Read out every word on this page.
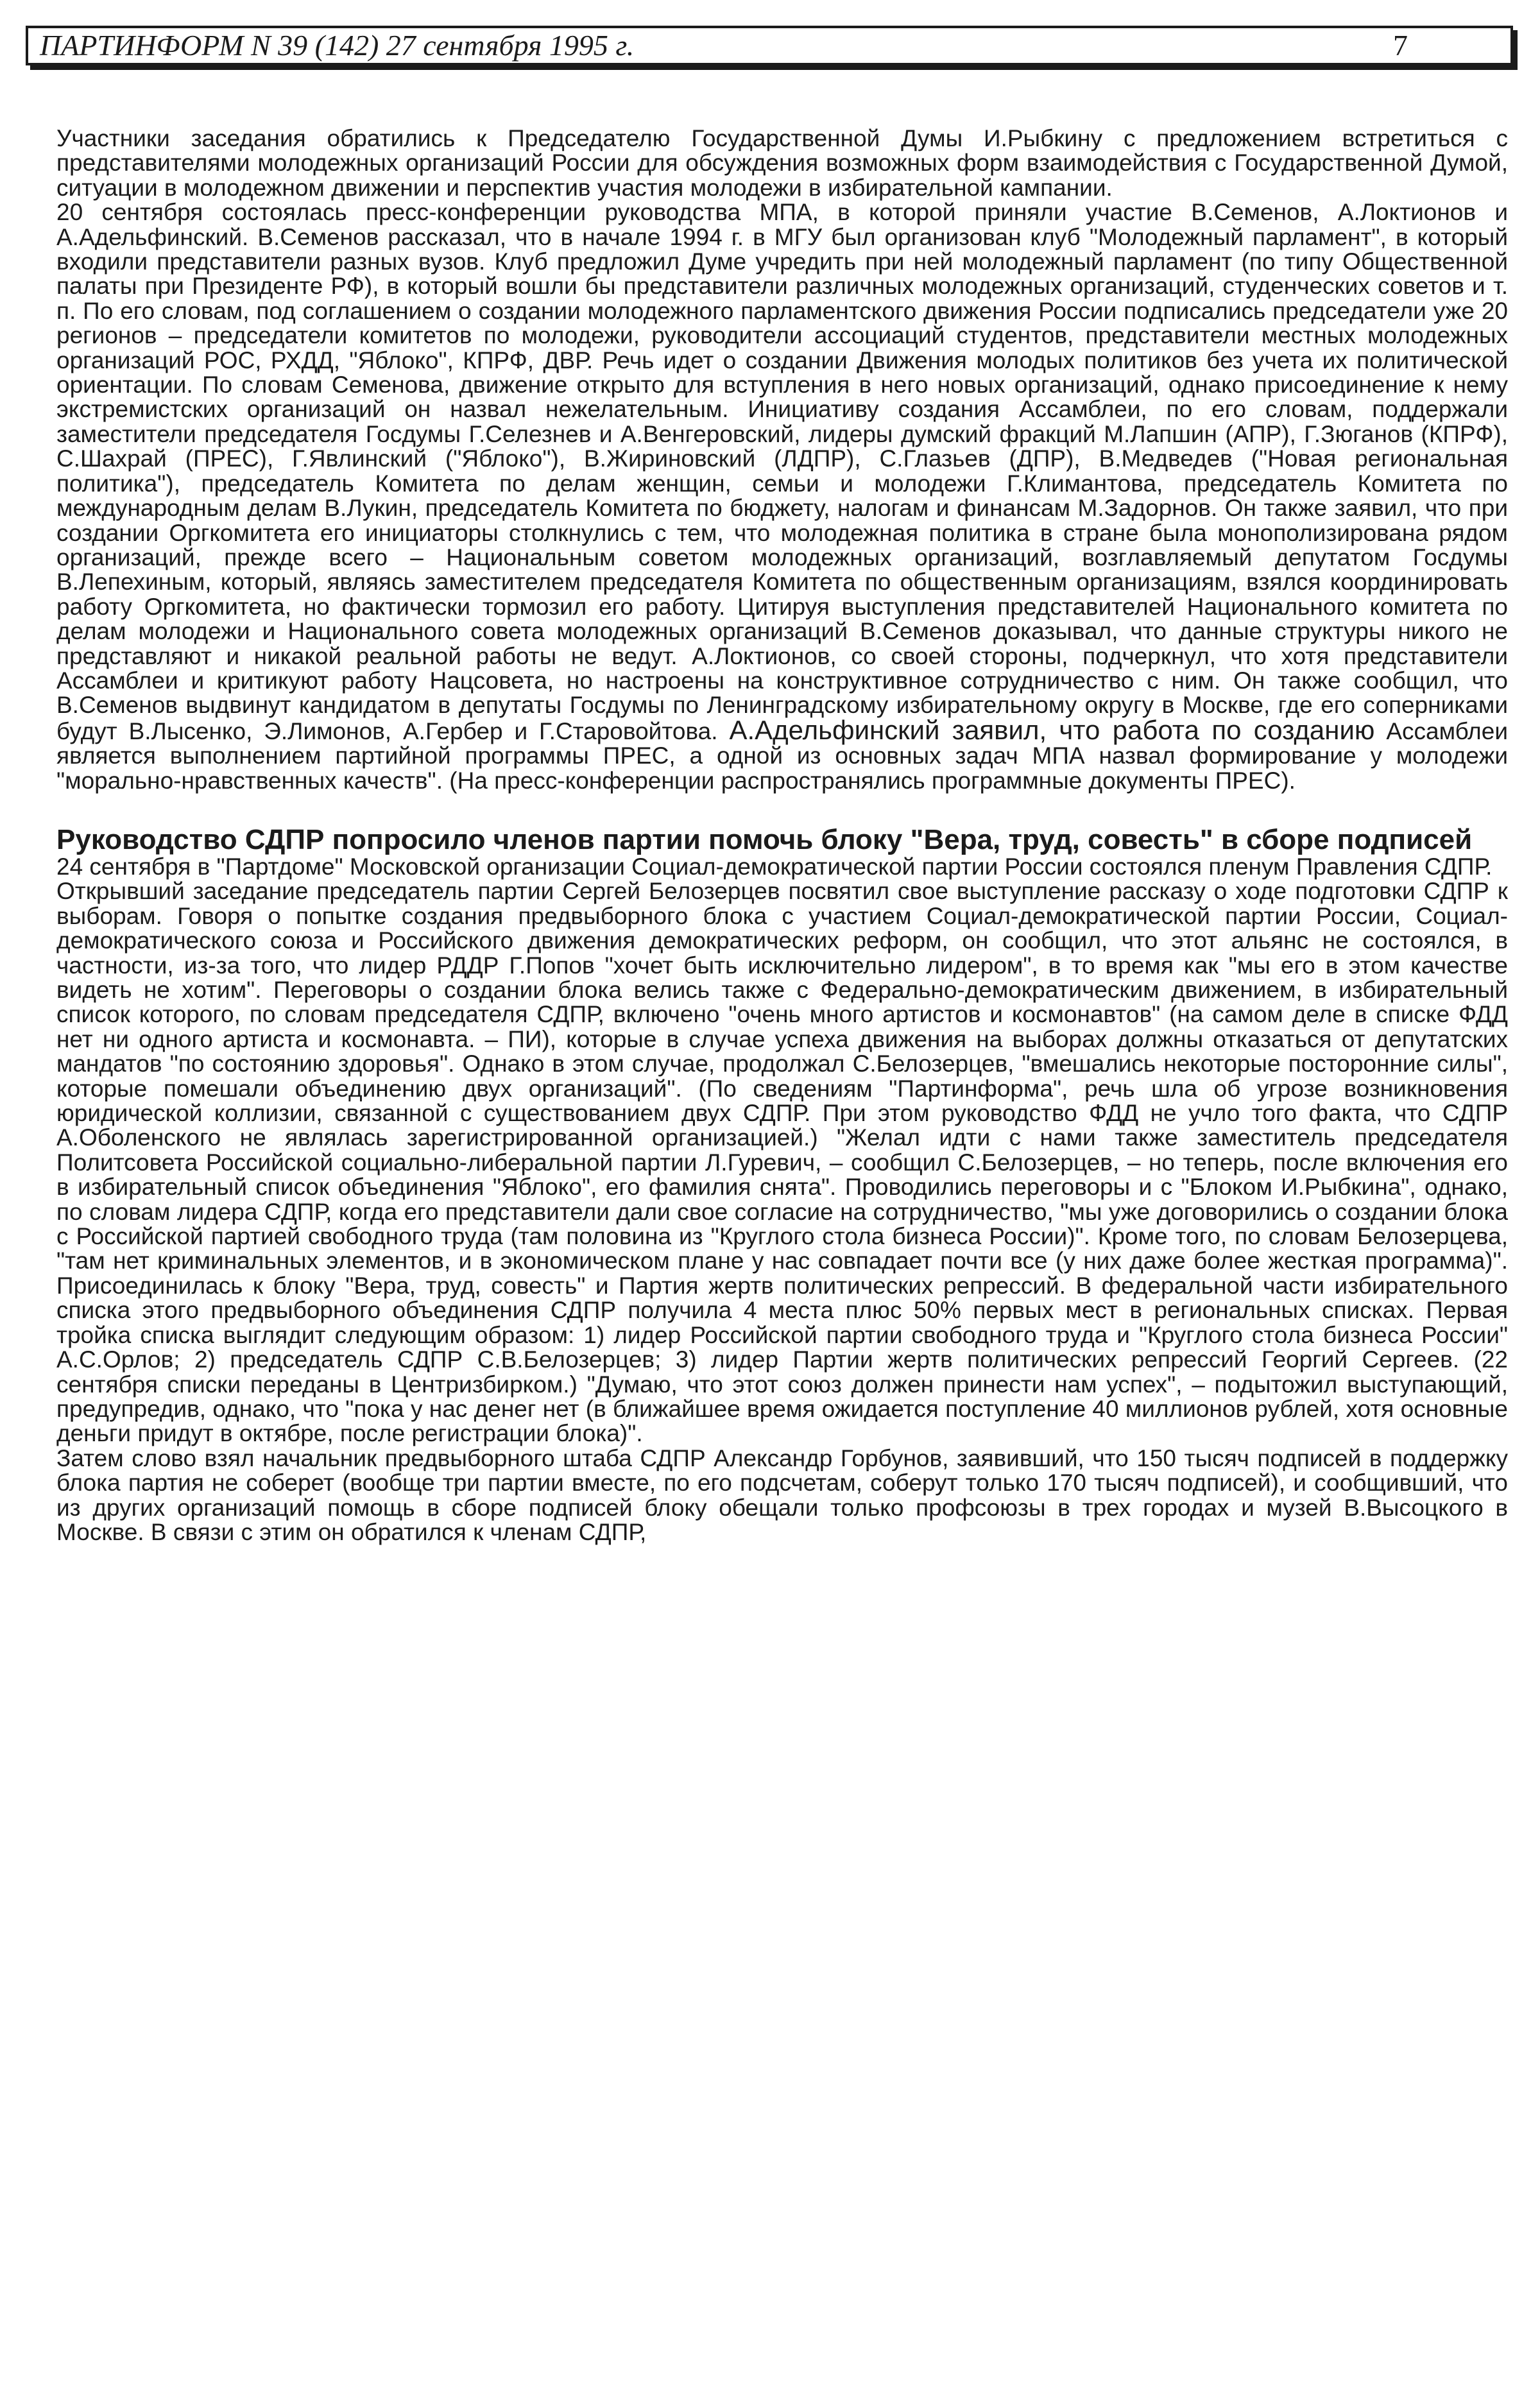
ПАРТИНФОРМ N 39 (142) 27 сентября 1995 г.	7

Участники заседания обратились к Председателю Государственной Думы И.Рыбкину с предложением встретиться с представителями молодежных организаций России для обсуждения возможных форм взаимодействия с Государственной Думой, ситуации в молодежном движении и перспектив участия молодежи в избирательной кампании.

20 сентября состоялась пресс-конференции руководства МПА, в которой приняли участие В.Семенов, А.Локтионов и А.Адельфинский. В.Семенов рассказал, что в начале 1994 г. в МГУ был организован клуб "Молодежный парламент", в который входили представители разных вузов. Клуб предложил Думе учредить при ней молодежный парламент (по типу Общественной палаты при Президенте РФ), в который вошли бы представители различных молодежных организаций, студенческих советов и т. п. По его словам, под соглашением о создании молодежного парламентского движения России подписались председатели уже 20 регионов – председатели комитетов по молодежи, руководители ассоциаций студентов, представители местных молодежных организаций РОС, РХДД, "Яблоко", КПРФ, ДВР. Речь идет о создании Движения молодых политиков без учета их политической ориентации. По словам Семенова, движение открыто для вступления в него новых организаций, однако присоединение к нему экстремистских организаций он назвал нежелательным. Инициативу создания Ассамблеи, по его словам, поддержали заместители председателя Госдумы Г.Селезнев и А.Венгеровский, лидеры думский фракций М.Лапшин (АПР), Г.Зюганов (КПРФ), С.Шахрай (ПРЕС), Г.Явлинский ("Яблоко"), В.Жириновский (ЛДПР), С.Глазьев (ДПР), В.Медведев ("Новая региональная политика"), председатель Комитета по делам женщин, семьи и молодежи Г.Климантова, председатель Комитета по международным делам В.Лукин, председатель Комитета по бюджету, налогам и финансам М.Задорнов. Он также заявил, что при создании Оргкомитета его инициаторы столкнулись с тем, что молодежная политика в стране была монополизирована рядом организаций, прежде всего – Национальным советом молодежных организаций, возглавляемый депутатом Госдумы В.Лепехиным, который, являясь заместителем председателя Комитета по общественным организациям, взялся координировать работу Оргкомитета, но фактически тормозил его работу. Цитируя выступления представителей Национального комитета по делам молодежи и Национального совета молодежных организаций В.Семенов доказывал, что данные структуры никого не представляют и никакой реальной работы не ведут. А.Локтионов, со своей стороны, подчеркнул, что хотя представители Ассамблеи и критикуют работу Нацсовета, но настроены на конструктивное сотрудничество с ним. Он также сообщил, что В.Семенов выдвинут кандидатом в депутаты Госдумы по Ленинградскому избирательному округу в Москве, где его соперниками будут В.Лысенко, Э.Лимонов, А.Гербер и Г.Старовойтова. А.Адельфинский заявил, что работа по созданию Ассамблеи является выполнением партийной программы ПРЕС, а одной из основных задач МПА назвал формирование у молодежи "морально-нравственных качеств". (На пресс-конференции распространялись программные документы ПРЕС).

Руководство СДПР попросило членов партии помочь блоку "Вера, труд, совесть" в сборе подписей

24 сентября в "Партдоме" Московской организации Социал-демократической партии России состоялся пленум Правления СДПР.

Открывший заседание председатель партии Сергей Белозерцев посвятил свое выступление рассказу о ходе подготовки СДПР к выборам. Говоря о попытке создания предвыборного блока с участием Социал-демократической партии России, Социал-демократического союза и Российского движения демократических реформ, он сообщил, что этот альянс не состоялся, в частности, из-за того, что лидер РДДР Г.Попов "хочет быть исключительно лидером", в то время как "мы его в этом качестве видеть не хотим". Переговоры о создании блока велись также с Федерально-демократическим движением, в избирательный список которого, по словам председателя СДПР, включено "очень много артистов и космонавтов" (на самом деле в списке ФДД нет ни одного артиста и космонавта. – ПИ), которые в случае успеха движения на выборах должны отказаться от депутатских мандатов "по состоянию здоровья". Однако в этом случае, продолжал С.Белозерцев, "вмешались некоторые посторонние силы", которые помешали объединению двух организаций". (По сведениям "Партинформа", речь шла об угрозе возникновения юридической коллизии, связанной с существованием двух СДПР. При этом руководство ФДД не учло того факта, что СДПР А.Оболенского не являлась зарегистрированной организацией.) "Желал идти с нами также заместитель председателя Политсовета Российской социально-либеральной партии Л.Гуревич, – сообщил С.Белозерцев, – но теперь, после включения его в избирательный список объединения "Яблоко", его фамилия снята". Проводились переговоры и с "Блоком И.Рыбкина", однако, по словам лидера СДПР, когда его представители дали свое согласие на сотрудничество, "мы уже договорились о создании блока с Российской партией свободного труда (там половина из "Круглого стола бизнеса России)". Кроме того, по словам Белозерцева, "там нет криминальных элементов, и в экономическом плане у нас совпадает почти все (у них даже более жесткая программа)". Присоединилась к блоку "Вера, труд, совесть" и Партия жертв политических репрессий. В федеральной части избирательного списка этого предвыборного объединения СДПР получила 4 места плюс 50% первых мест в региональных списках. Первая тройка списка выглядит следующим образом: 1) лидер Российской партии свободного труда и "Круглого стола бизнеса России" А.С.Орлов; 2) председатель СДПР С.В.Белозерцев; 3) лидер Партии жертв политических репрессий Георгий Сергеев. (22 сентября списки переданы в Центризбирком.) "Думаю, что этот союз должен принести нам успех", – подытожил выступающий, предупредив, однако, что "пока у нас денег нет (в ближайшее время ожидается поступление 40 миллионов рублей, хотя основные деньги придут в октябре, после регистрации блока)".

Затем слово взял начальник предвыборного штаба СДПР Александр Горбунов, заявивший, что 150 тысяч подписей в поддержку блока партия не соберет (вообще три партии вместе, по его подсчетам, соберут только 170 тысяч подписей), и сообщивший, что из других организаций помощь в сборе подписей блоку обещали только профсоюзы в трех городах и музей В.Высоцкого в Москве. В связи с этим он обратился к членам СДПР,
